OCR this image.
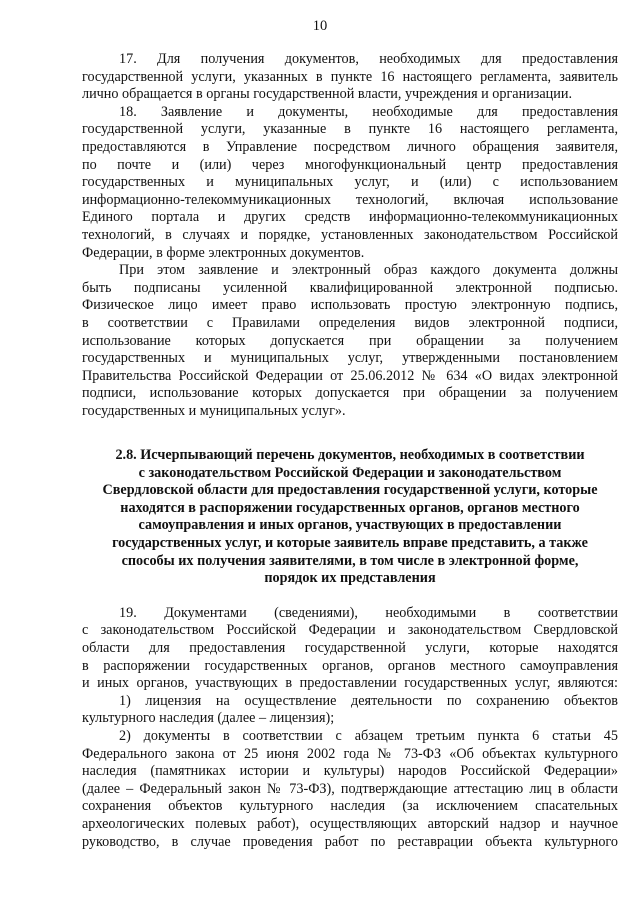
10
17. Для получения документов, необходимых для предоставления
государственной услуги, указанных в пункте 16 настоящего регламента, заявитель
лично обращается в органы государственной власти, учреждения и организации.
18. Заявление и документы, необходимые для предоставления
государственной услуги, указанные в пункте 16 настоящего регламента,
предоставляются в Управление посредством личного обращения заявителя,
по почте и (или) через многофункциональный центр предоставления
государственных и муниципальных услуг, и (или) с использованием
информационно-телекоммуникационных технологий, включая использование
Единого портала и других средств информационно-телекоммуникационных
технологий, в случаях и порядке, установленных законодательством Российской
Федерации, в форме электронных документов.
При этом заявление и электронный образ каждого документа должны
быть подписаны усиленной квалифицированной электронной подписью.
Физическое лицо имеет право использовать простую электронную подпись,
в соответствии с Правилами определения видов электронной подписи,
использование которых допускается при обращении за получением
государственных и муниципальных услуг, утвержденными постановлением
Правительства Российской Федерации от 25.06.2012 № 634 «О видах электронной
подписи, использование которых допускается при обращении за получением
государственных и муниципальных услуг».
2.8. Исчерпывающий перечень документов, необходимых в соответствии
с законодательством Российской Федерации и законодательством
Свердловской области для предоставления государственной услуги, которые
находятся в распоряжении государственных органов, органов местного
самоуправления и иных органов, участвующих в предоставлении
государственных услуг, и которые заявитель вправе представить, а также
способы их получения заявителями, в том числе в электронной форме,
порядок их представления
19. Документами (сведениями), необходимыми в соответствии
с законодательством Российской Федерации и законодательством Свердловской
области для предоставления государственной услуги, которые находятся
в распоряжении государственных органов, органов местного самоуправления
и иных органов, участвующих в предоставлении государственных услуг, являются:
1) лицензия на осуществление деятельности по сохранению объектов
культурного наследия (далее – лицензия);
2) документы в соответствии с абзацем третьим пункта 6 статьи 45
Федерального закона от 25 июня 2002 года № 73-ФЗ «Об объектах культурного
наследия (памятниках истории и культуры) народов Российской Федерации»
(далее – Федеральный закон № 73-ФЗ), подтверждающие аттестацию лиц в области
сохранения объектов культурного наследия (за исключением спасательных
археологических полевых работ), осуществляющих авторский надзор и научное
руководство, в случае проведения работ по реставрации объекта культурного
